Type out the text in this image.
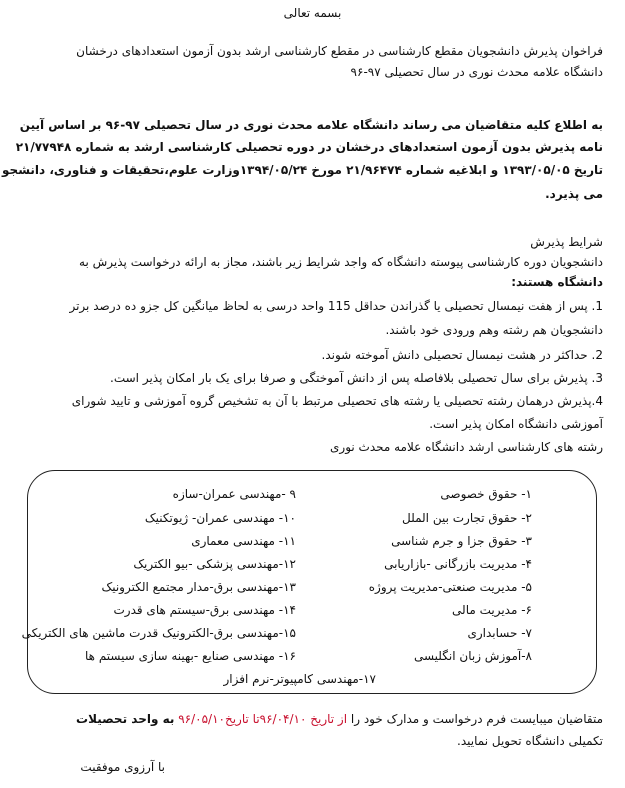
بسمه تعالی
فراخوان پذیرش دانشجویان مقطع کارشناسی در مقطع کارشناسی ارشد بدون آزمون استعدادهای درخشان
دانشگاه علامه محدث نوری در سال تحصیلی ۹۷-۹۶
به اطلاع کلیه متقاضیان می رساند دانشگاه علامه محدث نوری در سال تحصیلی ۹۷-۹۶ بر اساس آیین
نامه پذیرش بدون آزمون استعدادهای درخشان در دوره تحصیلی کارشناسی ارشد به شماره ۲۱/۷۷۹۴۸
تاریخ ۱۳۹۳/۰۵/۰۵ و ابلاغیه شماره ۲۱/۹۶۴۷۴ مورخ ۱۳۹۴/۰۵/۲۴وزارت علوم،تحقیقات و فناوری، دانشجو
می پذیرد.
شرایط پذیرش
دانشجویان دوره کارشناسی پیوسته دانشگاه که واجد شرایط زیر باشند، مجاز به ارائه درخواست پذیرش به
دانشگاه هستند:
1. پس از هفت نیمسال تحصیلی یا گذراندن حداقل 115 واحد درسی به لحاظ میانگین کل جزو ده درصد برتر
دانشجویان هم رشته وهم ورودی خود باشند.
2. حداکثر در هشت نیمسال تحصیلی دانش آموخته شوند.
3. پذیرش برای سال تحصیلی بلافاصله پس از دانش آموختگی و صرفا برای یک بار امکان پذیر است.
4.پذیرش درهمان رشته تحصیلی یا رشته های تحصیلی مرتبط با آن به تشخیص گروه آموزشی و تایید شورای
آموزشی دانشگاه امکان پذیر است.
رشته های کارشناسی ارشد دانشگاه علامه محدث نوری
۱- حقوق خصوصی
۲- حقوق تجارت بین الملل
۳- حقوق جزا و جرم شناسی
۴- مدیریت بازرگانی -بازاریابی
۵- مدیریت صنعتی-مدیریت پروژه
۶- مدیریت مالی
۷- حسابداری
۸-آموزش زبان انگلیسی
۹ -مهندسی عمران-سازه
۱۰- مهندسی عمران- ژیوتکنیک
۱۱- مهندسی معماری
۱۲-مهندسی پزشکی -بیو الکتریک
۱۳-مهندسی برق-مدار مجتمع الکترونیک
۱۴- مهندسی برق-سیستم های قدرت
۱۵-مهندسی برق-الکترونیک قدرت ماشین های الکتریکی
۱۶- مهندسی صنایع -بهینه سازی سیستم ها
۱۷-مهندسی کامپیوتر-نرم افزار
متقاضیان میبایست فرم درخواست و مدارک خود را از تاریخ ۹۶/۰۴/۱۰تا تاریخ۹۶/۰۵/۱۰ به واحد تحصیلات
تکمیلی دانشگاه تحویل نمایید.
با آرزوی موفقیت
